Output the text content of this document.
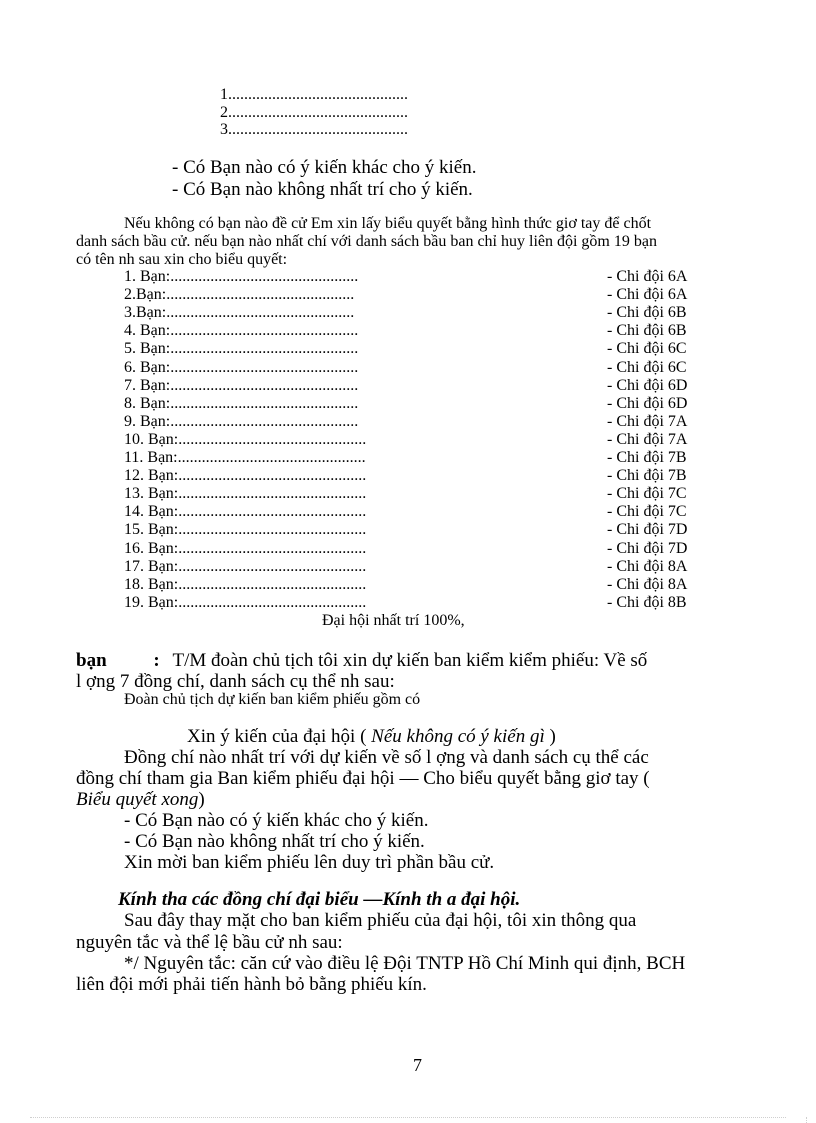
1.............................................
2.............................................
3.............................................
- Có Bạn nào có ý kiến khác cho ý kiến.
- Có Bạn nào không nhất trí cho ý kiến.
Nếu không có bạn nào đề cử Em xin lấy biểu quyết bằng hình thức giơ tay để chốt
danh sách bầu cử. nếu bạn nào nhất chí với danh sách bầu ban chỉ huy liên đội gồm 19 bạn
có tên nh sau xin cho biểu quyết:
1. Bạn:...............................................	- Chi đội 6A
2.Bạn:...............................................	- Chi đội 6A
3.Bạn:...............................................	- Chi đội 6B
4. Bạn:...............................................	- Chi đội 6B
5. Bạn:...............................................	- Chi đội 6C
6. Bạn:...............................................	- Chi đội 6C
7. Bạn:...............................................	- Chi đội 6D
8. Bạn:...............................................	- Chi đội 6D
9. Bạn:...............................................	- Chi đội 7A
10. Bạn:...............................................	- Chi đội 7A
11. Bạn:...............................................	- Chi đội 7B
12. Bạn:...............................................	- Chi đội 7B
13. Bạn:...............................................	- Chi đội 7C
14. Bạn:...............................................	- Chi đội 7C
15. Bạn:...............................................	- Chi đội 7D
16. Bạn:...............................................	- Chi đội 7D
17. Bạn:...............................................	- Chi đội 8A
18. Bạn:...............................................	- Chi đội 8A
19. Bạn:...............................................	- Chi đội 8B
Đại hội nhất trí 100%,
bạn : T/M đoàn chủ tịch tôi xin dự kiến ban kiểm kiểm phiếu: Về số
l ợng 7 đồng chí, danh sách cụ thể nh sau:
Đoàn chủ tịch dự kiến ban kiểm phiếu gồm có
Xin ý kiến của đại hội ( Nếu không có ý kiến gì )
Đồng chí nào nhất trí với dự kiến về số l ợng và danh sách cụ thể các
đồng chí tham gia Ban kiểm phiếu đại hội — Cho biểu quyết bằng giơ tay (
Biểu quyết xong)
- Có Bạn nào có ý kiến khác cho ý kiến.
- Có Bạn nào không nhất trí cho ý kiến.
Xin mời ban kiểm phiếu lên duy trì phần bầu cử.
Kính tha các đồng chí đại biểu —Kính th a đại hội.
Sau đây thay mặt cho ban kiểm phiếu của đại hội, tôi xin thông qua
nguyên tắc và thể lệ bầu cử nh sau:
*/ Nguyên tắc: căn cứ vào điều lệ Đội TNTP Hồ Chí Minh qui định, BCH
liên đội mới phải tiến hành bỏ bằng phiếu kín.
7
